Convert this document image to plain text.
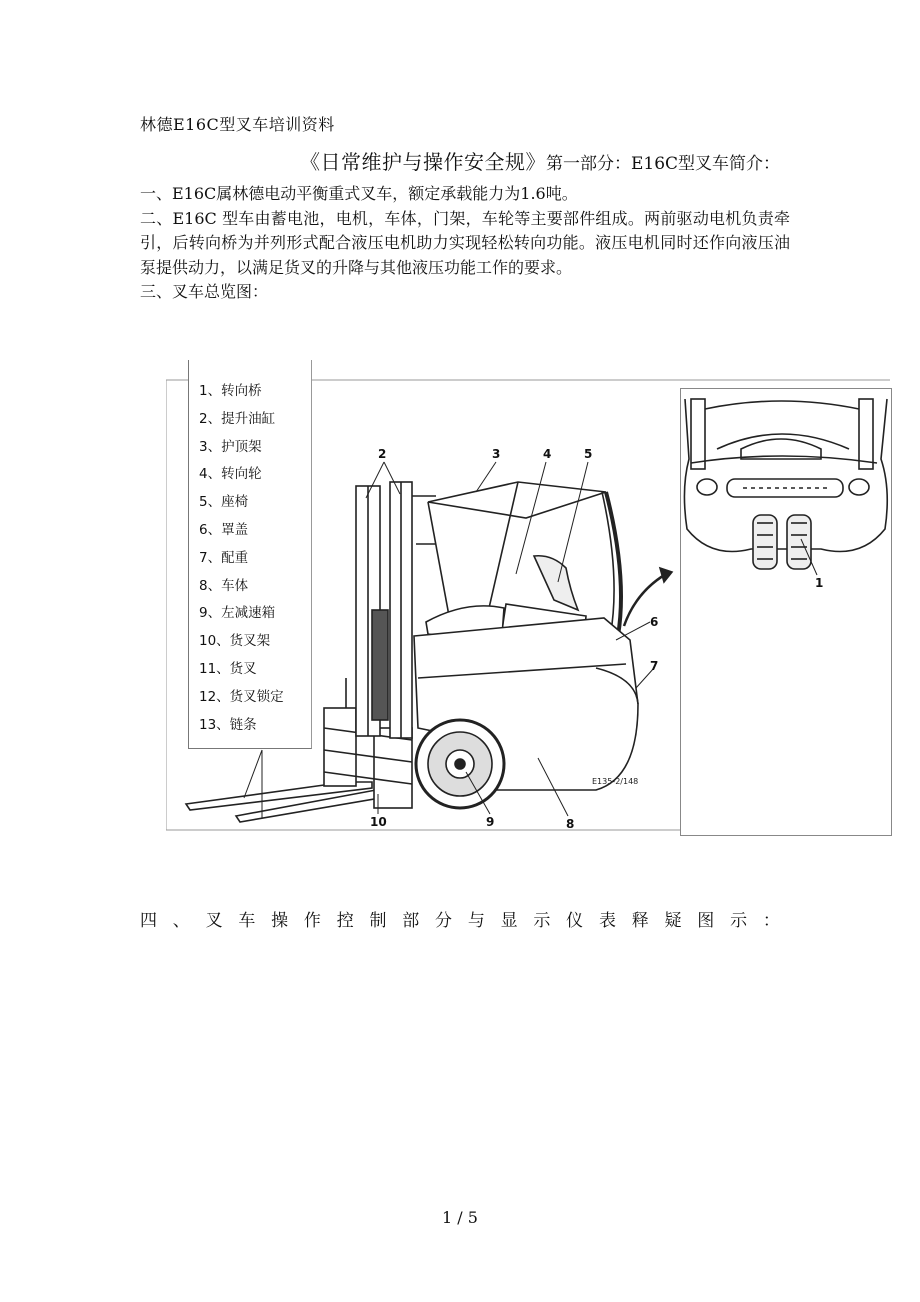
林德E16C型叉车培训资料
《日常维护与操作安全规》第一部分：E16C型叉车简介：

一、E16C属林德电动平衡重式叉车，额定承载能力为1.6吨。

二、E16C 型车由蓄电池，电机，车体，门架，车轮等主要部件组成。两前驱动电机负责牵引，后转向桥为并列形式配合液压电机助力实现轻松转向功能。液压电机同时还作向液压油泵提供动力，以满足货叉的升降与其他液压功能工作的要求。

三、叉车总览图：

2	3	4	5
6
7
8
9
10
E135-2/148
1、转向桥
2、提升油缸
3、护顶架
4、转向轮
5、座椅
6、罩盖
7、配重
8、车体
9、左减速箱
10、货叉架
11、货叉
12、货叉锁定
13、链条
1
四 、 叉 车 操 作 控 制 部 分 与 显 示 仪 表 释 疑 图 示 ：
1 / 5
